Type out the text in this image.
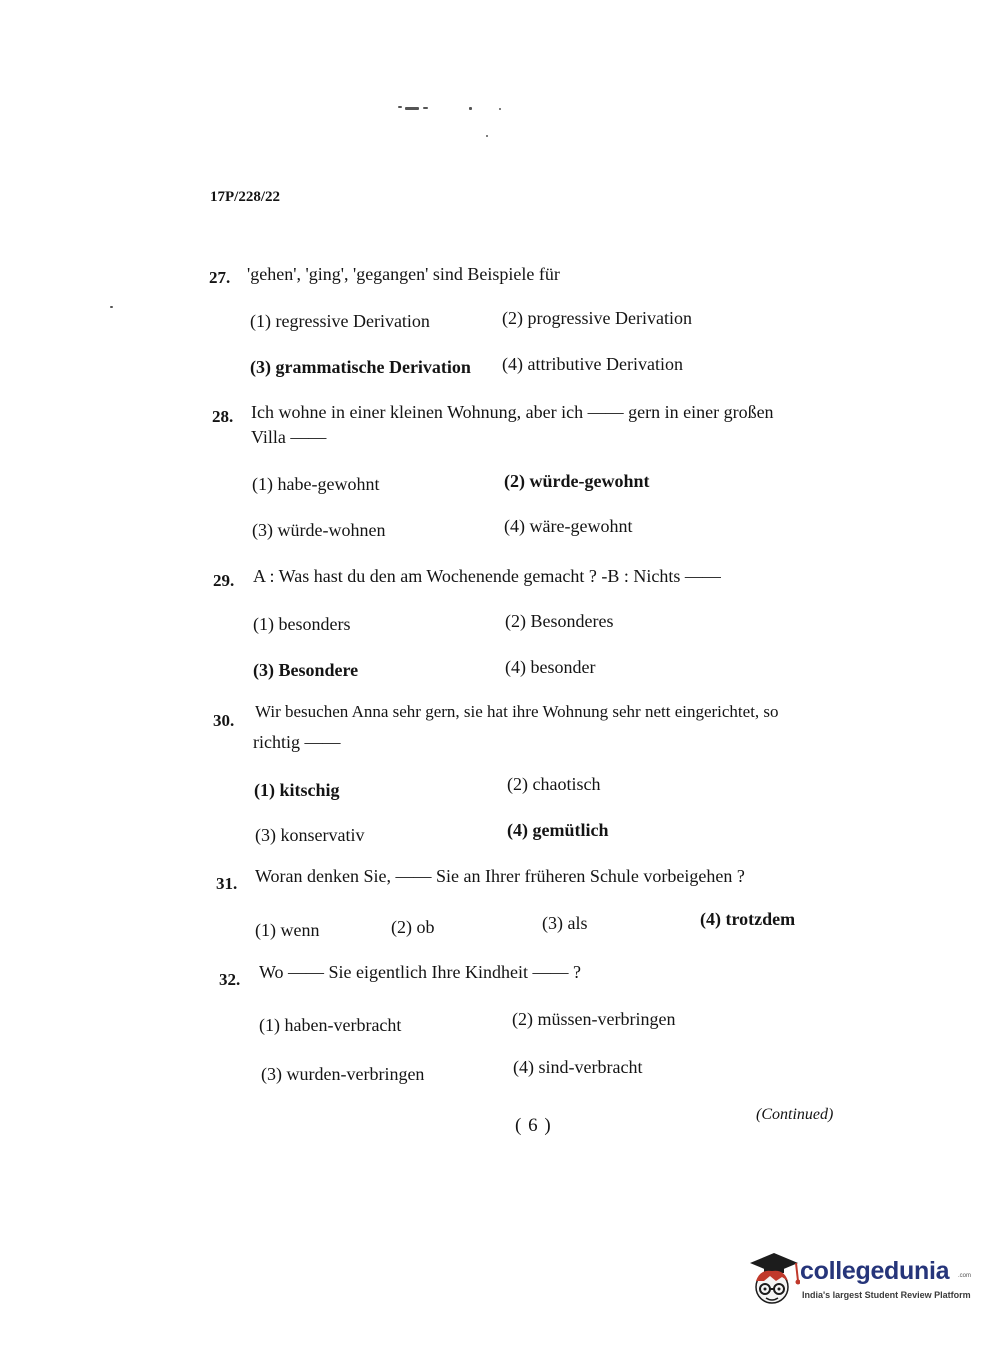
17P/228/22
27. 'gehen', 'ging', 'gegangen' sind Beispiele für
(1) regressive Derivation	(2) progressive Derivation
(3) grammatische Derivation (4) attributive Derivation
28. Ich wohne in einer kleinen Wohnung, aber ich —— gern in einer großen
Villa ——
(1) habe-gewohnt	(2) würde-gewohnt
(3) würde-wohnen	(4) wäre-gewohnt
29. A : Was hast du den am Wochenende gemacht ? -B : Nichts ——
(1) besonders	(2) Besonderes
(3) Besondere	(4) besonder
30. Wir besuchen Anna sehr gern, sie hat ihre Wohnung sehr nett eingerichtet, so
richtig ——
(1) kitschig	(2) chaotisch
(3) konservativ	(4) gemütlich
31. Woran denken Sie, —— Sie an Ihrer früheren Schule vorbeigehen ?
(1) wenn	(2) ob	(3) als	(4) trotzdem
32. Wo —— Sie eigentlich Ihre Kindheit —— ?
(1) haben-verbracht	(2) müssen-verbringen
(3) wurden-verbringen	(4) sind-verbracht
( 6 )
(Continued)
collegedunia .com
India's largest Student Review Platform
